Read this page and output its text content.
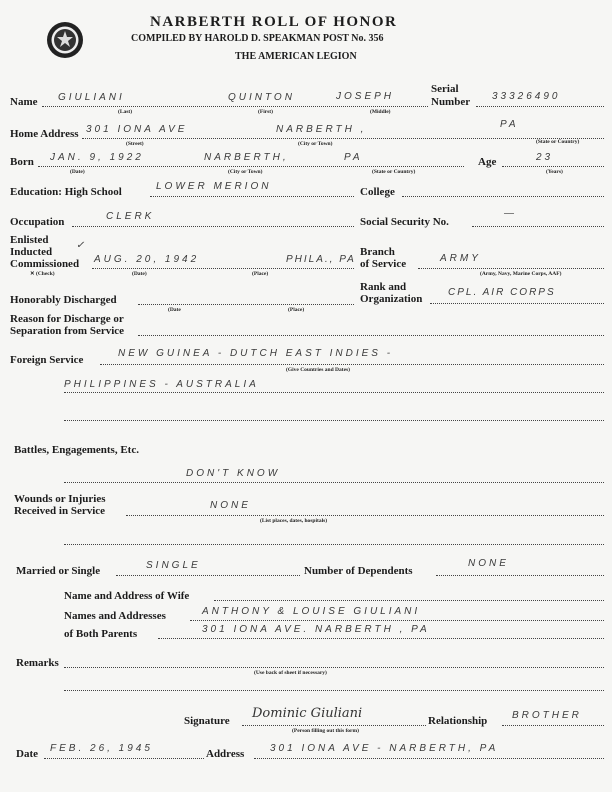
NARBERTH ROLL OF HONOR
COMPILED BY HAROLD D. SPEAKMAN POST No. 356
THE AMERICAN LEGION
Name GIULIANI	QUINTON	JOSEPH
(Last)	(First)	(Middle)
Serial
Number 33326490
Home Address 301 IONA AVE	NARBERTH ,	PA
(Street)	(City or Town)	(State or Country)
Born JAN. 9, 1922	NARBERTH,	PA
(Date)	(City or Town)	(State or Country)
Age	23
(Years)
Education: High School	LOWER MERION	College
Occupation	CLERK	Social Security No.
—
Enlisted
Inducted
✓
Commissioned AUG. 20, 1942	PHILA., PA
✕ (Check)	(Date)	(Place)
Branch
of Service	ARMY
(Army, Navy, Marine Corps, AAF)
Honorably Discharged
(Date	(Place)
Rank and
Organization
CPL. AIR CORPS
Reason for Discharge or
Separation from Service
Foreign Service
NEW GUINEA - DUTCH EAST INDIES -
(Give Countries and Dates)
PHILIPPINES - AUSTRALIA
Battles, Engagements, Etc.
DON'T KNOW
Wounds or Injuries
Received in Service	NONE
(List places, dates, hospitals)
Married or Single	SINGLE	Number of Dependents
NONE
Name and Address of Wife
Names and Addresses	ANTHONY & LOUISE GIULIANI
of Both Parents	301 IONA AVE. NARBERTH , PA
Remarks
(Use back of sheet if necessary)
Signature Dominic Giuliani
(Person filling out this form)
Relationship BROTHER
Date FEB. 26, 1945	Address	301 IONA AVE - NARBERTH, PA
